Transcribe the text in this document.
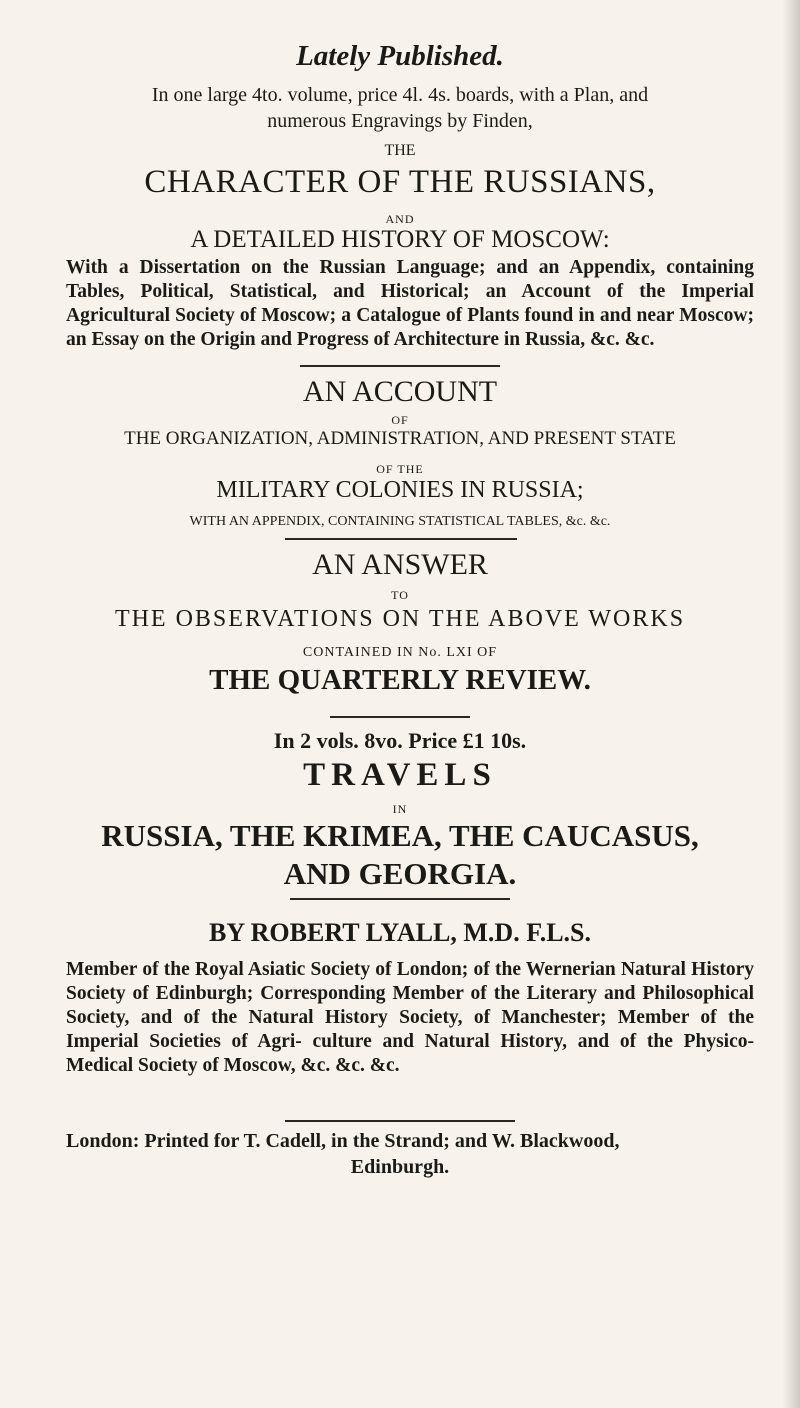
Lately Published.
In one large 4to. volume, price 4l. 4s. boards, with a Plan, and
numerous Engravings by Finden,
THE
CHARACTER OF THE RUSSIANS,
AND
A DETAILED HISTORY OF MOSCOW:
With a Dissertation on the Russian Language; and an Appendix, containing Tables, Political, Statistical, and Historical; an Account of the Imperial Agricultural Society of Moscow; a Catalogue of Plants found in and near Moscow; an Essay on the Origin and Progress of Architecture in Russia, &c. &c.
AN ACCOUNT
OF
THE ORGANIZATION, ADMINISTRATION, AND PRESENT STATE
OF THE
MILITARY COLONIES IN RUSSIA;
WITH AN APPENDIX, CONTAINING STATISTICAL TABLES, &c. &c.
AN ANSWER
TO
THE OBSERVATIONS ON THE ABOVE WORKS
CONTAINED IN No. LXI OF
THE QUARTERLY REVIEW.
In 2 vols. 8vo. Price £1 10s.
TRAVELS
IN
RUSSIA, THE KRIMEA, THE CAUCASUS,
AND GEORGIA.
BY ROBERT LYALL, M.D. F.L.S.
Member of the Royal Asiatic Society of London; of the Wernerian Natural History Society of Edinburgh; Corresponding Member of the Literary and Philosophical Society, and of the Natural History Society, of Manchester; Member of the Imperial Societies of Agri- culture and Natural History, and of the Physico-Medical Society of Moscow, &c. &c. &c.
London: Printed for T. Cadell, in the Strand; and W. Blackwood,
Edinburgh.
